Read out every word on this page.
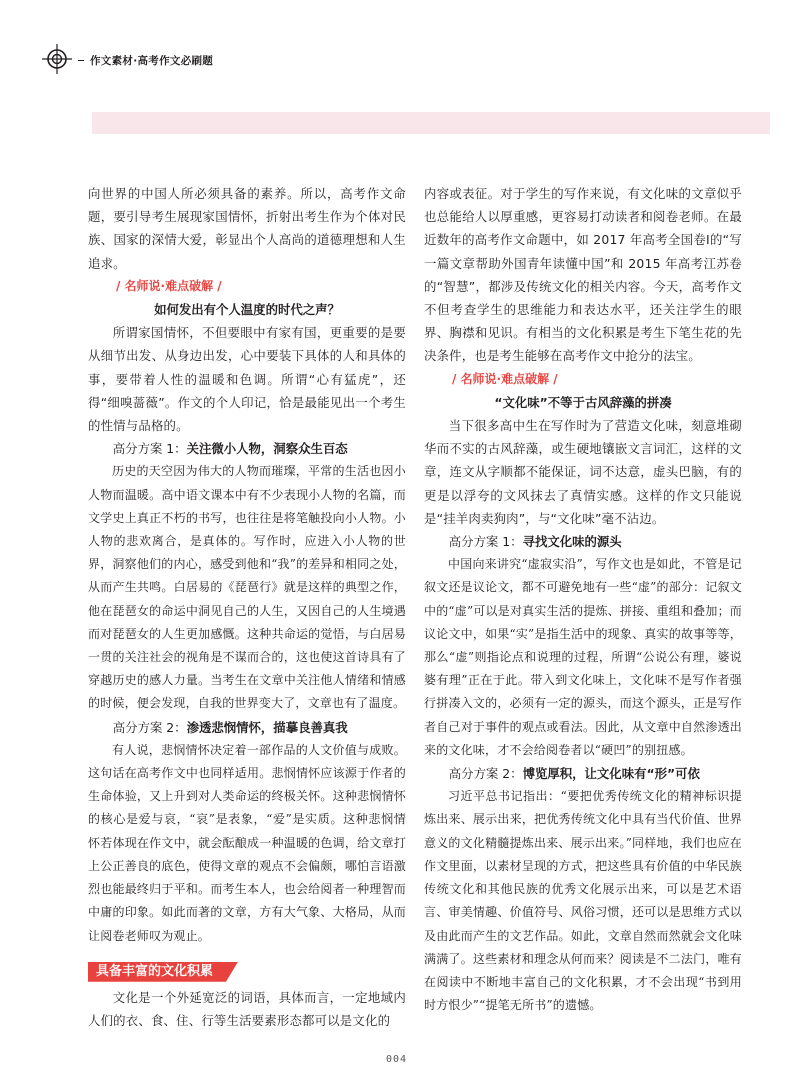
作文素材·高考作文必刷题

向世界的中国人所必须具备的素养。所以，高考作文命题，要引导考生展现家国情怀，折射出考生作为个体对民族、国家的深情大爱，彰显出个人高尚的道德理想和人生追求。

/ 名师说·难点破解 /

如何发出有个人温度的时代之声？

所谓家国情怀，不但要眼中有家有国，更重要的是要从细节出发、从身边出发，心中要装下具体的人和具体的事，要带着人性的温暖和色调。所谓“心有猛虎”，还得“细嗅蔷薇”。作文的个人印记，恰是最能见出一个考生的性情与品格的。

高分方案 1：关注微小人物，洞察众生百态

历史的天空因为伟大的人物而璀璨，平常的生活也因小人物而温暖。高中语文课本中有不少表现小人物的名篇，而文学史上真正不朽的书写，也往往是将笔触投向小人物。小人物的悲欢离合，是真体的。写作时，应进入小人物的世界，洞察他们的内心，感受到他和“我”的差异和相同之处，从而产生共鸣。白居易的《琵琶行》就是这样的典型之作，他在琵琶女的命运中洞见自己的人生，又因自己的人生境遇而对琵琶女的人生更加感慨。这种共命运的觉悟，与白居易一贯的关注社会的视角是不谋而合的，这也使这首诗具有了穿越历史的感人力量。当考生在文章中关注他人情绪和情感的时候，便会发现，自我的世界变大了，文章也有了温度。

高分方案 2：渗透悲悯情怀，描摹良善真我

有人说，悲悯情怀决定着一部作品的人文价值与成败。这句话在高考作文中也同样适用。悲悯情怀应该源于作者的生命体验，又上升到对人类命运的终极关怀。这种悲悯情怀的核心是爱与哀，“哀”是表象，“爱”是实质。这种悲悯情怀若体现在作文中，就会酝酿成一种温暖的色调，给文章打上公正善良的底色，使得文章的观点不会偏颇，哪怕言语激烈也能最终归于平和。而考生本人，也会给阅者一种理智而中庸的印象。如此而著的文章，方有大气象、大格局，从而让阅卷老师叹为观止。

具备丰富的文化积累

文化是一个外延宽泛的词语，具体而言，一定地域内人们的衣、食、住、行等生活要素形态都可以是文化的

内容或表征。对于学生的写作来说，有文化味的文章似乎也总能给人以厚重感，更容易打动读者和阅卷老师。在最近数年的高考作文命题中，如 2017 年高考全国卷Ⅰ的“写一篇文章帮助外国青年读懂中国”和 2015 年高考江苏卷的“智慧”，都涉及传统文化的相关内容。今天，高考作文不但考查学生的思维能力和表达水平，还关注学生的眼界、胸襟和见识。有相当的文化积累是考生下笔生花的先决条件，也是考生能够在高考作文中抢分的法宝。

/ 名师说·难点破解 /

“文化味”不等于古风辞藻的拼凑

当下很多高中生在写作时为了营造文化味，刻意堆砌华而不实的古风辞藻，或生硬地镶嵌文言词汇，这样的文章，连文从字顺都不能保证，词不达意，虚头巴脑，有的更是以浮夸的文风抹去了真情实感。这样的作文只能说是“挂羊肉卖狗肉”，与“文化味”毫不沾边。

高分方案 1：寻找文化味的源头

中国向来讲究“虚寂实沿”，写作文也是如此，不管是记叙文还是议论文，都不可避免地有一些“虚”的部分：记叙文中的“虚”可以是对真实生活的提炼、拼接、重组和叠加；而议论文中，如果“实”是指生活中的现象、真实的故事等等，那么“虚”则指论点和说理的过程，所谓“公说公有理，婆说婆有理”正在于此。带入到文化味上，文化味不是写作者强行拼凑入文的，必须有一定的源头，而这个源头，正是写作者自己对于事件的观点或看法。因此，从文章中自然渗透出来的文化味，才不会给阅卷者以“硬凹”的别扭感。

高分方案 2：博览厚积，让文化味有“形”可依

习近平总书记指出：“要把优秀传统文化的精神标识提炼出来、展示出来，把优秀传统文化中具有当代价值、世界意义的文化精髓提炼出来、展示出来。”同样地，我们也应在作文里面，以素材呈现的方式，把这些具有价值的中华民族传统文化和其他民族的优秀文化展示出来，可以是艺术语言、审美情趣、价值符号、风俗习惯，还可以是思维方式以及由此而产生的文艺作品。如此，文章自然而然就会文化味满满了。这些素材和理念从何而来？阅读是不二法门，唯有在阅读中不断地丰富自己的文化积累，才不会出现“书到用时方恨少”“提笔无所书”的遗憾。

004
